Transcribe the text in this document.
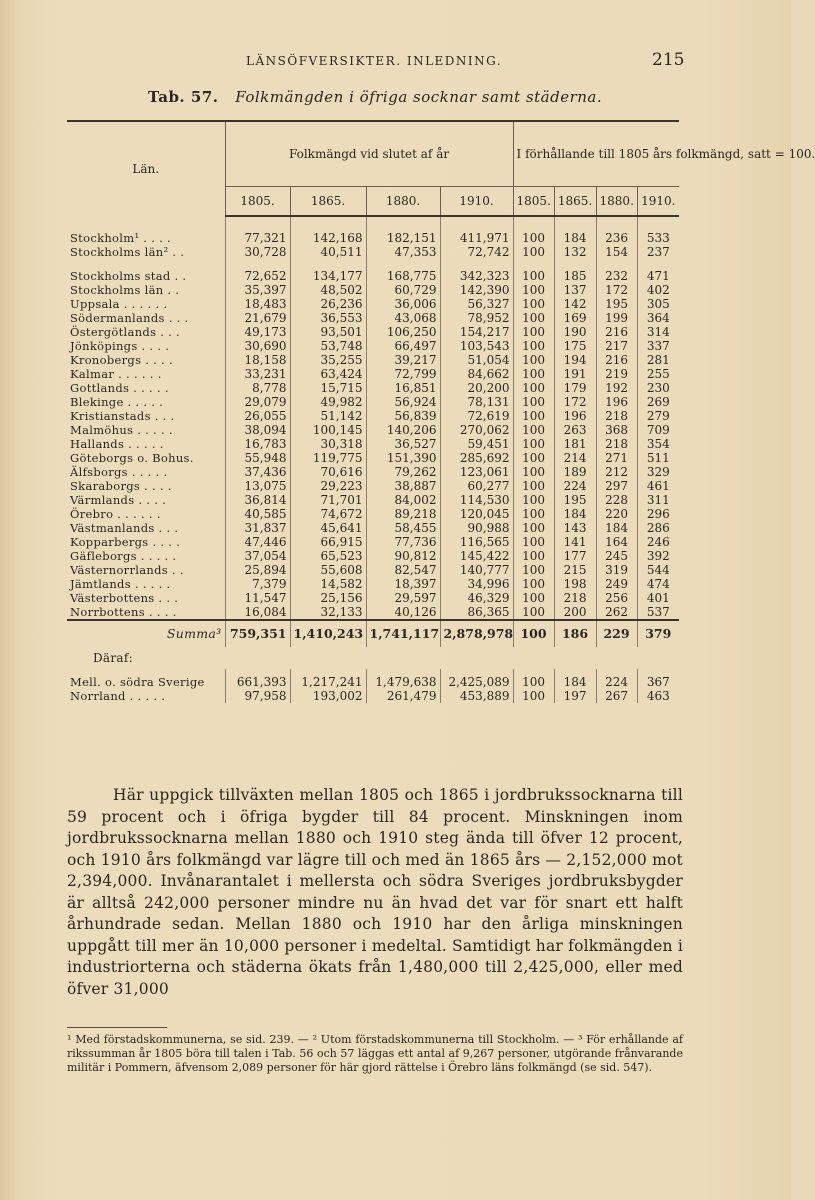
LÄNSÖFVERSIKTER. INLEDNING.	215
Tab. 57. Folkmängden i öfriga socknar samt städerna.
Län.	Folkmängd vid slutet af år				I förhållande till 1805 års folkmängd, satt = 100.			
	1805.	1865.	1880.	1910.	1805.	1865.	1880.	1910.

Stockholm¹ . . . .	77,321	142,168	182,151	411,971	100	184	236	533
Stockholms län² . .	30,728	40,511	47,353	72,742	100	132	154	237

Stockholms stad . .	72,652	134,177	168,775	342,323	100	185	232	471
Stockholms län . .	35,397	48,502	60,729	142,390	100	137	172	402
Uppsala . . . . . .	18,483	26,236	36,006	56,327	100	142	195	305
Södermanlands . . .	21,679	36,553	43,068	78,952	100	169	199	364
Östergötlands . . .	49,173	93,501	106,250	154,217	100	190	216	314
Jönköpings . . . .	30,690	53,748	66,497	103,543	100	175	217	337
Kronobergs . . . .	18,158	35,255	39,217	51,054	100	194	216	281
Kalmar . . . . . .	33,231	63,424	72,799	84,662	100	191	219	255
Gottlands . . . . .	8,778	15,715	16,851	20,200	100	179	192	230
Blekinge . . . . .	29,079	49,982	56,924	78,131	100	172	196	269
Kristianstads . . .	26,055	51,142	56,839	72,619	100	196	218	279
Malmöhus . . . . .	38,094	100,145	140,206	270,062	100	263	368	709
Hallands . . . . .	16,783	30,318	36,527	59,451	100	181	218	354
Göteborgs o. Bohus.	55,948	119,775	151,390	285,692	100	214	271	511
Älfsborgs . . . . .	37,436	70,616	79,262	123,061	100	189	212	329
Skaraborgs . . . .	13,075	29,223	38,887	60,277	100	224	297	461
Värmlands . . . .	36,814	71,701	84,002	114,530	100	195	228	311
Örebro . . . . . .	40,585	74,672	89,218	120,045	100	184	220	296
Västmanlands . . .	31,837	45,641	58,455	90,988	100	143	184	286
Kopparbergs . . . .	47,446	66,915	77,736	116,565	100	141	164	246
Gäfleborgs . . . . .	37,054	65,523	90,812	145,422	100	177	245	392
Västernorrlands . .	25,894	55,608	82,547	140,777	100	215	319	544
Jämtlands . . . . .	7,379	14,582	18,397	34,996	100	198	249	474
Västerbottens . . .	11,547	25,156	29,597	46,329	100	218	256	401
Norrbottens . . . .	16,084	32,133	40,126	86,365	100	200	262	537
Summa³	759,351	1,410,243	1,741,117	2,878,978	100	186	229	379
Däraf:								

Mell. o. södra Sverige	661,393	1,217,241	1,479,638	2,425,089	100	184	224	367
Norrland . . . . .	97,958	193,002	261,479	453,889	100	197	267	463

Här uppgick tillväxten mellan 1805 och 1865 i jordbrukssocknarna till 59 procent och i öfriga bygder till 84 procent. Minskningen inom jordbrukssocknarna mellan 1880 och 1910 steg ända till öfver 12 procent, och 1910 års folkmängd var lägre till och med än 1865 års — 2,152,000 mot 2,394,000. Invånarantalet i mellersta och södra Sveriges jordbruksbygder är alltså 242,000 personer mindre nu än hvad det var för snart ett halft århundrade sedan. Mellan 1880 och 1910 har den årliga minskningen uppgått till mer än 10,000 personer i medeltal. Samtidigt har folkmängden i industriorterna och städerna ökats från 1,480,000 till 2,425,000, eller med öfver 31,000

¹ Med förstadskommunerna, se sid. 239. — ² Utom förstadskommunerna till Stockholm. — ³ För erhållande af rikssumman år 1805 böra till talen i Tab. 56 och 57 läggas ett antal af 9,267 personer, utgörande frånvarande militär i Pommern, äfvensom 2,089 personer för här gjord rättelse i Örebro läns folkmängd (se sid. 547).
